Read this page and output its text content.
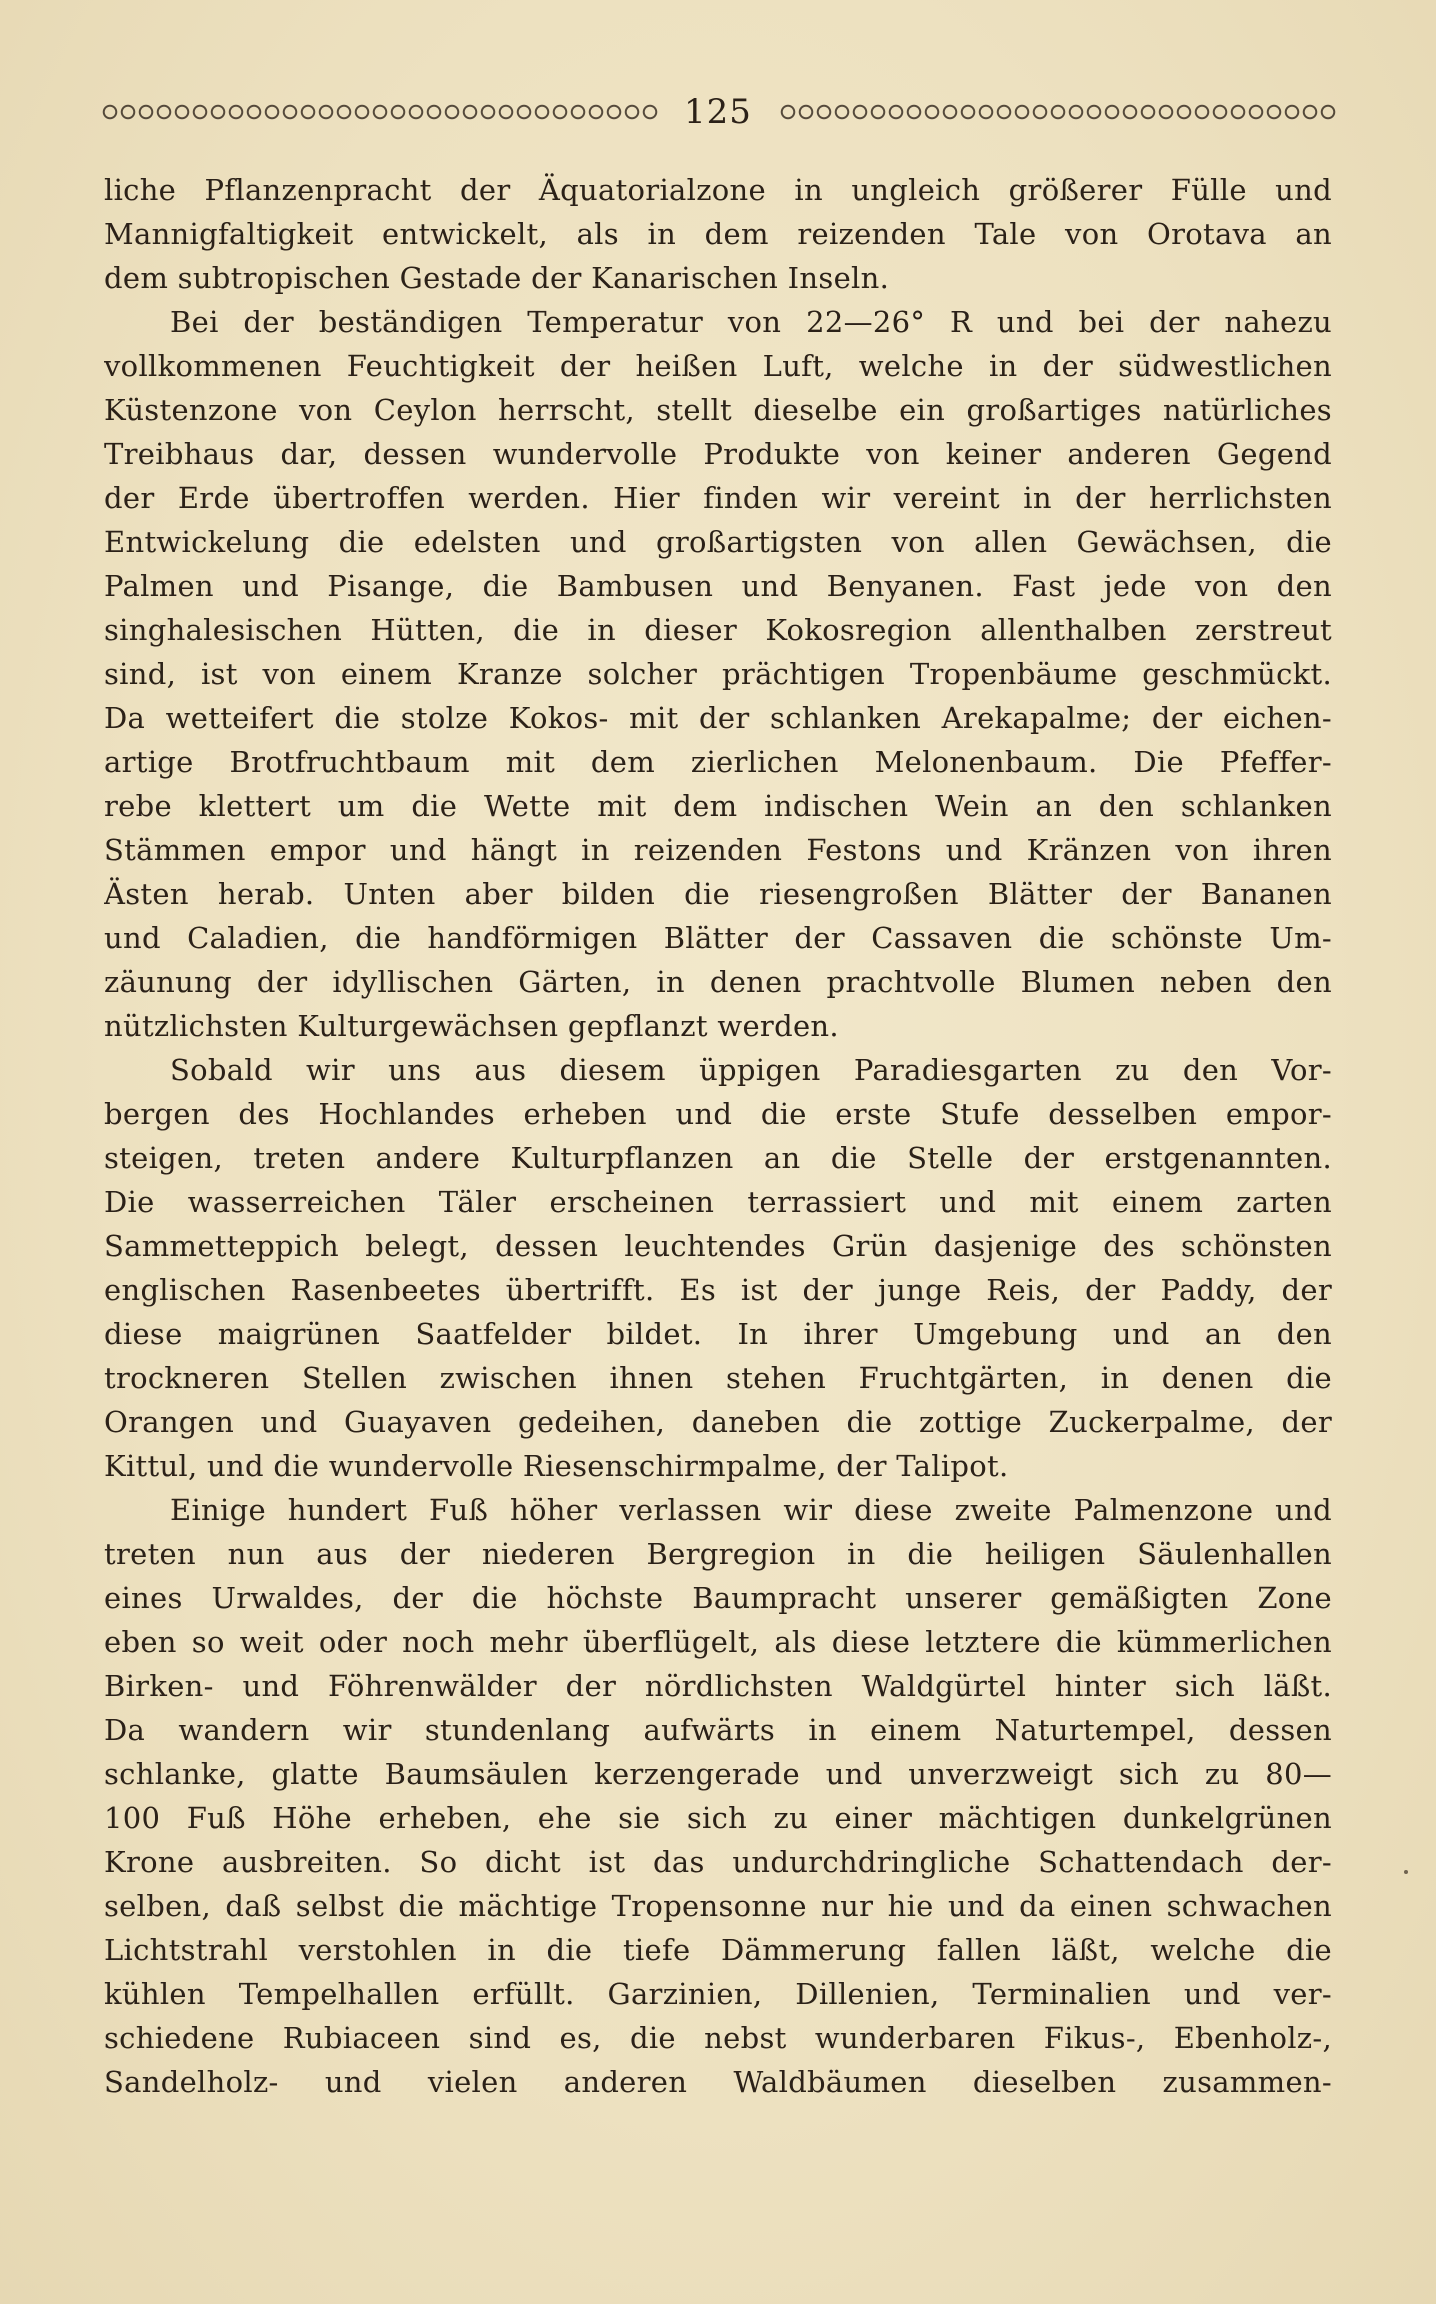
125
liche Pflanzenpracht der Äquatorialzone in ungleich größerer Fülle und
Mannigfaltigkeit entwickelt, als in dem reizenden Tale von Orotava an
dem subtropischen Gestade der Kanarischen Inseln.
Bei der beständigen Temperatur von 22—26° R und bei der nahezu
vollkommenen Feuchtigkeit der heißen Luft, welche in der südwestlichen
Küstenzone von Ceylon herrscht, stellt dieselbe ein großartiges natürliches
Treibhaus dar, dessen wundervolle Produkte von keiner anderen Gegend
der Erde übertroffen werden. Hier finden wir vereint in der herrlichsten
Entwickelung die edelsten und großartigsten von allen Gewächsen, die
Palmen und Pisange, die Bambusen und Benyanen. Fast jede von den
singhalesischen Hütten, die in dieser Kokosregion allenthalben zerstreut
sind, ist von einem Kranze solcher prächtigen Tropenbäume geschmückt.
Da wetteifert die stolze Kokos- mit der schlanken Arekapalme; der eichen-
artige Brotfruchtbaum mit dem zierlichen Melonenbaum. Die Pfeffer-
rebe klettert um die Wette mit dem indischen Wein an den schlanken
Stämmen empor und hängt in reizenden Festons und Kränzen von ihren
Ästen herab. Unten aber bilden die riesengroßen Blätter der Bananen
und Caladien, die handförmigen Blätter der Cassaven die schönste Um-
zäunung der idyllischen Gärten, in denen prachtvolle Blumen neben den
nützlichsten Kulturgewächsen gepflanzt werden.
Sobald wir uns aus diesem üppigen Paradiesgarten zu den Vor-
bergen des Hochlandes erheben und die erste Stufe desselben empor-
steigen, treten andere Kulturpflanzen an die Stelle der erstgenannten.
Die wasserreichen Täler erscheinen terrassiert und mit einem zarten
Sammetteppich belegt, dessen leuchtendes Grün dasjenige des schönsten
englischen Rasenbeetes übertrifft. Es ist der junge Reis, der Paddy, der
diese maigrünen Saatfelder bildet. In ihrer Umgebung und an den
trockneren Stellen zwischen ihnen stehen Fruchtgärten, in denen die
Orangen und Guayaven gedeihen, daneben die zottige Zuckerpalme, der
Kittul, und die wundervolle Riesenschirmpalme, der Talipot.
Einige hundert Fuß höher verlassen wir diese zweite Palmenzone und
treten nun aus der niederen Bergregion in die heiligen Säulenhallen
eines Urwaldes, der die höchste Baumpracht unserer gemäßigten Zone
eben so weit oder noch mehr überflügelt, als diese letztere die kümmerlichen
Birken- und Föhrenwälder der nördlichsten Waldgürtel hinter sich läßt.
Da wandern wir stundenlang aufwärts in einem Naturtempel, dessen
schlanke, glatte Baumsäulen kerzengerade und unverzweigt sich zu 80—
100 Fuß Höhe erheben, ehe sie sich zu einer mächtigen dunkelgrünen
Krone ausbreiten. So dicht ist das undurchdringliche Schattendach der-
selben, daß selbst die mächtige Tropensonne nur hie und da einen schwachen
Lichtstrahl verstohlen in die tiefe Dämmerung fallen läßt, welche die
kühlen Tempelhallen erfüllt. Garzinien, Dillenien, Terminalien und ver-
schiedene Rubiaceen sind es, die nebst wunderbaren Fikus-, Ebenholz-,
Sandelholz- und vielen anderen Waldbäumen dieselben zusammen-
